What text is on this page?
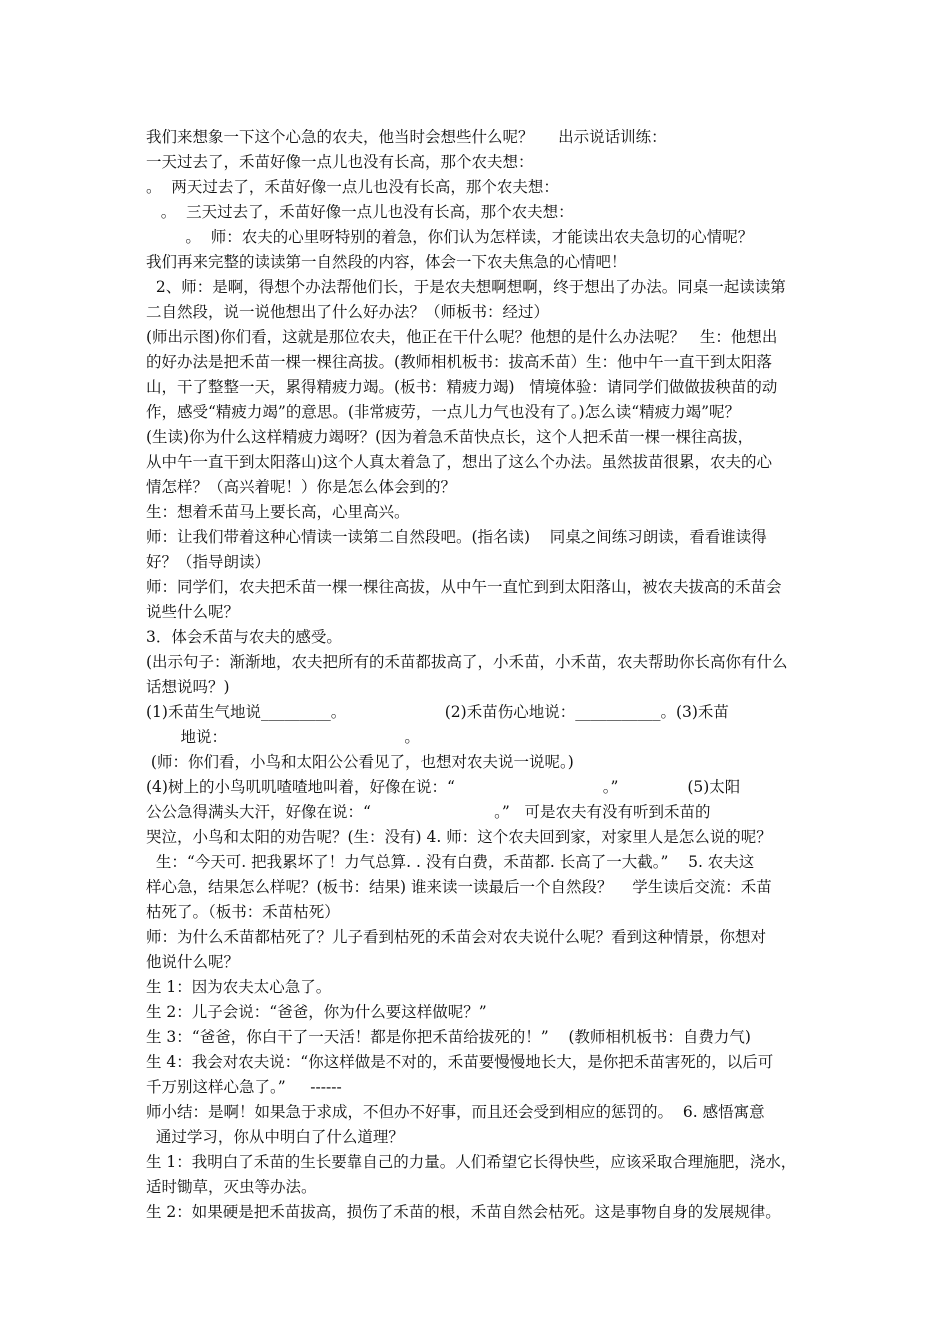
我们来想象一下这个心急的农夫，他当时会想些什么呢？     出示说话训练：
一天过去了，禾苗好像一点儿也没有长高，那个农夫想：
。  两天过去了，禾苗好像一点儿也没有长高，那个农夫想：
。  三天过去了，禾苗好像一点儿也没有长高，那个农夫想：
。  师：农夫的心里呀特别的着急，你们认为怎样读，才能读出农夫急切的心情呢？
我们再来完整的读读第一自然段的内容，体会一下农夫焦急的心情吧！
2、师：是啊，得想个办法帮他们长，于是农夫想啊想啊，终于想出了办法。同桌一起读读第
二自然段，说一说他想出了什么好办法？（师板书：经过）
(师出示图)你们看，这就是那位农夫，他正在干什么呢？他想的是什么办法呢？   生：他想出
的好办法是把禾苗一棵一棵往高拔。(教师相机板书：拔高禾苗）生：他中午一直干到太阳落
山，干了整整一天，累得精疲力竭。(板书：精疲力竭)   情境体验：请同学们做做拔秧苗的动
作，感受“精疲力竭”的意思。(非常疲劳，一点儿力气也没有了。)怎么读“精疲力竭”呢？
(生读)你为什么这样精疲力竭呀？(因为着急禾苗快点长，这个人把禾苗一棵一棵往高拔，
从中午一直干到太阳落山)这个人真太着急了，想出了这么个办法。虽然拔苗很累，农夫的心
情怎样？（高兴着呢！）你是怎么体会到的？
生：想着禾苗马上要长高，心里高兴。
师：让我们带着这种心情读一读第二自然段吧。(指名读)    同桌之间练习朗读，看看谁读得
好？（指导朗读）
师：同学们，农夫把禾苗一棵一棵往高拔，从中午一直忙到到太阳落山，被农夫拔高的禾苗会
说些什么呢？
3．体会禾苗与农夫的感受。
(出示句子：渐渐地，农夫把所有的禾苗都拔高了，小禾苗，小禾苗，农夫帮助你长高你有什么
话想说吗？)
(1)禾苗生气地说_________。                    (2)禾苗伤心地说：___________。(3)禾苗
地说：                                    。
(师：你们看，小鸟和太阳公公看见了，也想对农夫说一说呢。)
(4)树上的小鸟叽叽喳喳地叫着，好像在说：“                              。”              (5)太阳
公公急得满头大汗，好像在说：“                         。”   可是农夫有没有听到禾苗的
哭泣，小鸟和太阳的劝告呢？(生：没有) 4. 师：这个农夫回到家，对家里人是怎么说的呢？
生：“今天可. 把我累坏了！力气总算. . 没有白费，禾苗都. 长高了一大截。”    5. 农夫这
样心急，结果怎么样呢？(板书：结果) 谁来读一读最后一个自然段？    学生读后交流：禾苗
枯死了。（板书：禾苗枯死）
师：为什么禾苗都枯死了？儿子看到枯死的禾苗会对农夫说什么呢？看到这种情景，你想对
他说什么呢？
生 1：因为农夫太心急了。
生 2：儿子会说：“爸爸，你为什么要这样做呢？”
生 3：“爸爸，你白干了一天活！都是你把禾苗给拔死的！”    (教师相机板书：自费力气)
生 4：我会对农夫说：“你这样做是不对的，禾苗要慢慢地长大，是你把禾苗害死的，以后可
千万别这样心急了。”     ------
师小结：是啊！如果急于求成，不但办不好事，而且还会受到相应的惩罚的。  6. 感悟寓意
通过学习，你从中明白了什么道理？
生 1：我明白了禾苗的生长要靠自己的力量。人们希望它长得快些，应该采取合理施肥，浇水，
适时锄草，灭虫等办法。
生 2：如果硬是把禾苗拔高，损伤了禾苗的根，禾苗自然会枯死。这是事物自身的发展规律。
